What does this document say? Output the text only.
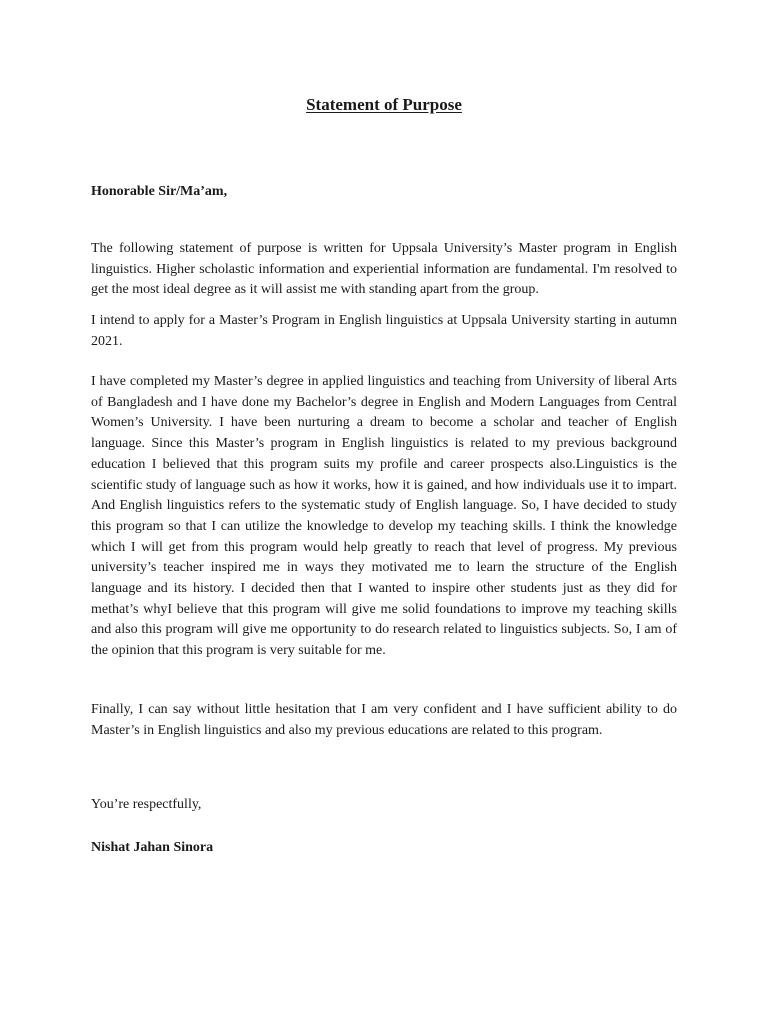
Statement of Purpose
Honorable Sir/Ma’am,

The following statement of purpose is written for Uppsala University’s Master program in English linguistics. Higher scholastic information and experiential information are fundamental. I'm resolved to get the most ideal degree as it will assist me with standing apart from the group.

I intend to apply for a Master’s Program in English linguistics at Uppsala University starting in autumn 2021.

I have completed my Master’s degree in applied linguistics and teaching from University of liberal Arts of Bangladesh and I have done my Bachelor’s degree in English and Modern Languages from Central Women’s University. I have been nurturing a dream to become a scholar and teacher of English language. Since this Master’s program in English linguistics is related to my previous background education I believed that this program suits my profile and career prospects also.Linguistics is the scientific study of language such as how it works, how it is gained, and how individuals use it to impart. And English linguistics refers to the systematic study of English language. So, I have decided to study this program so that I can utilize the knowledge to develop my teaching skills. I think the knowledge which I will get from this program would help greatly to reach that level of progress. My previous university’s teacher inspired me in ways they motivated me to learn the structure of the English language and its history. I decided then that I wanted to inspire other students just as they did for methat’s whyI believe that this program will give me solid foundations to improve my teaching skills and also this program will give me opportunity to do research related to linguistics subjects. So, I am of the opinion that this program is very suitable for me.

Finally, I can say without little hesitation that I am very confident and I have sufficient ability to do Master’s in English linguistics and also my previous educations are related to this program.

You’re respectfully,
Nishat Jahan Sinora
